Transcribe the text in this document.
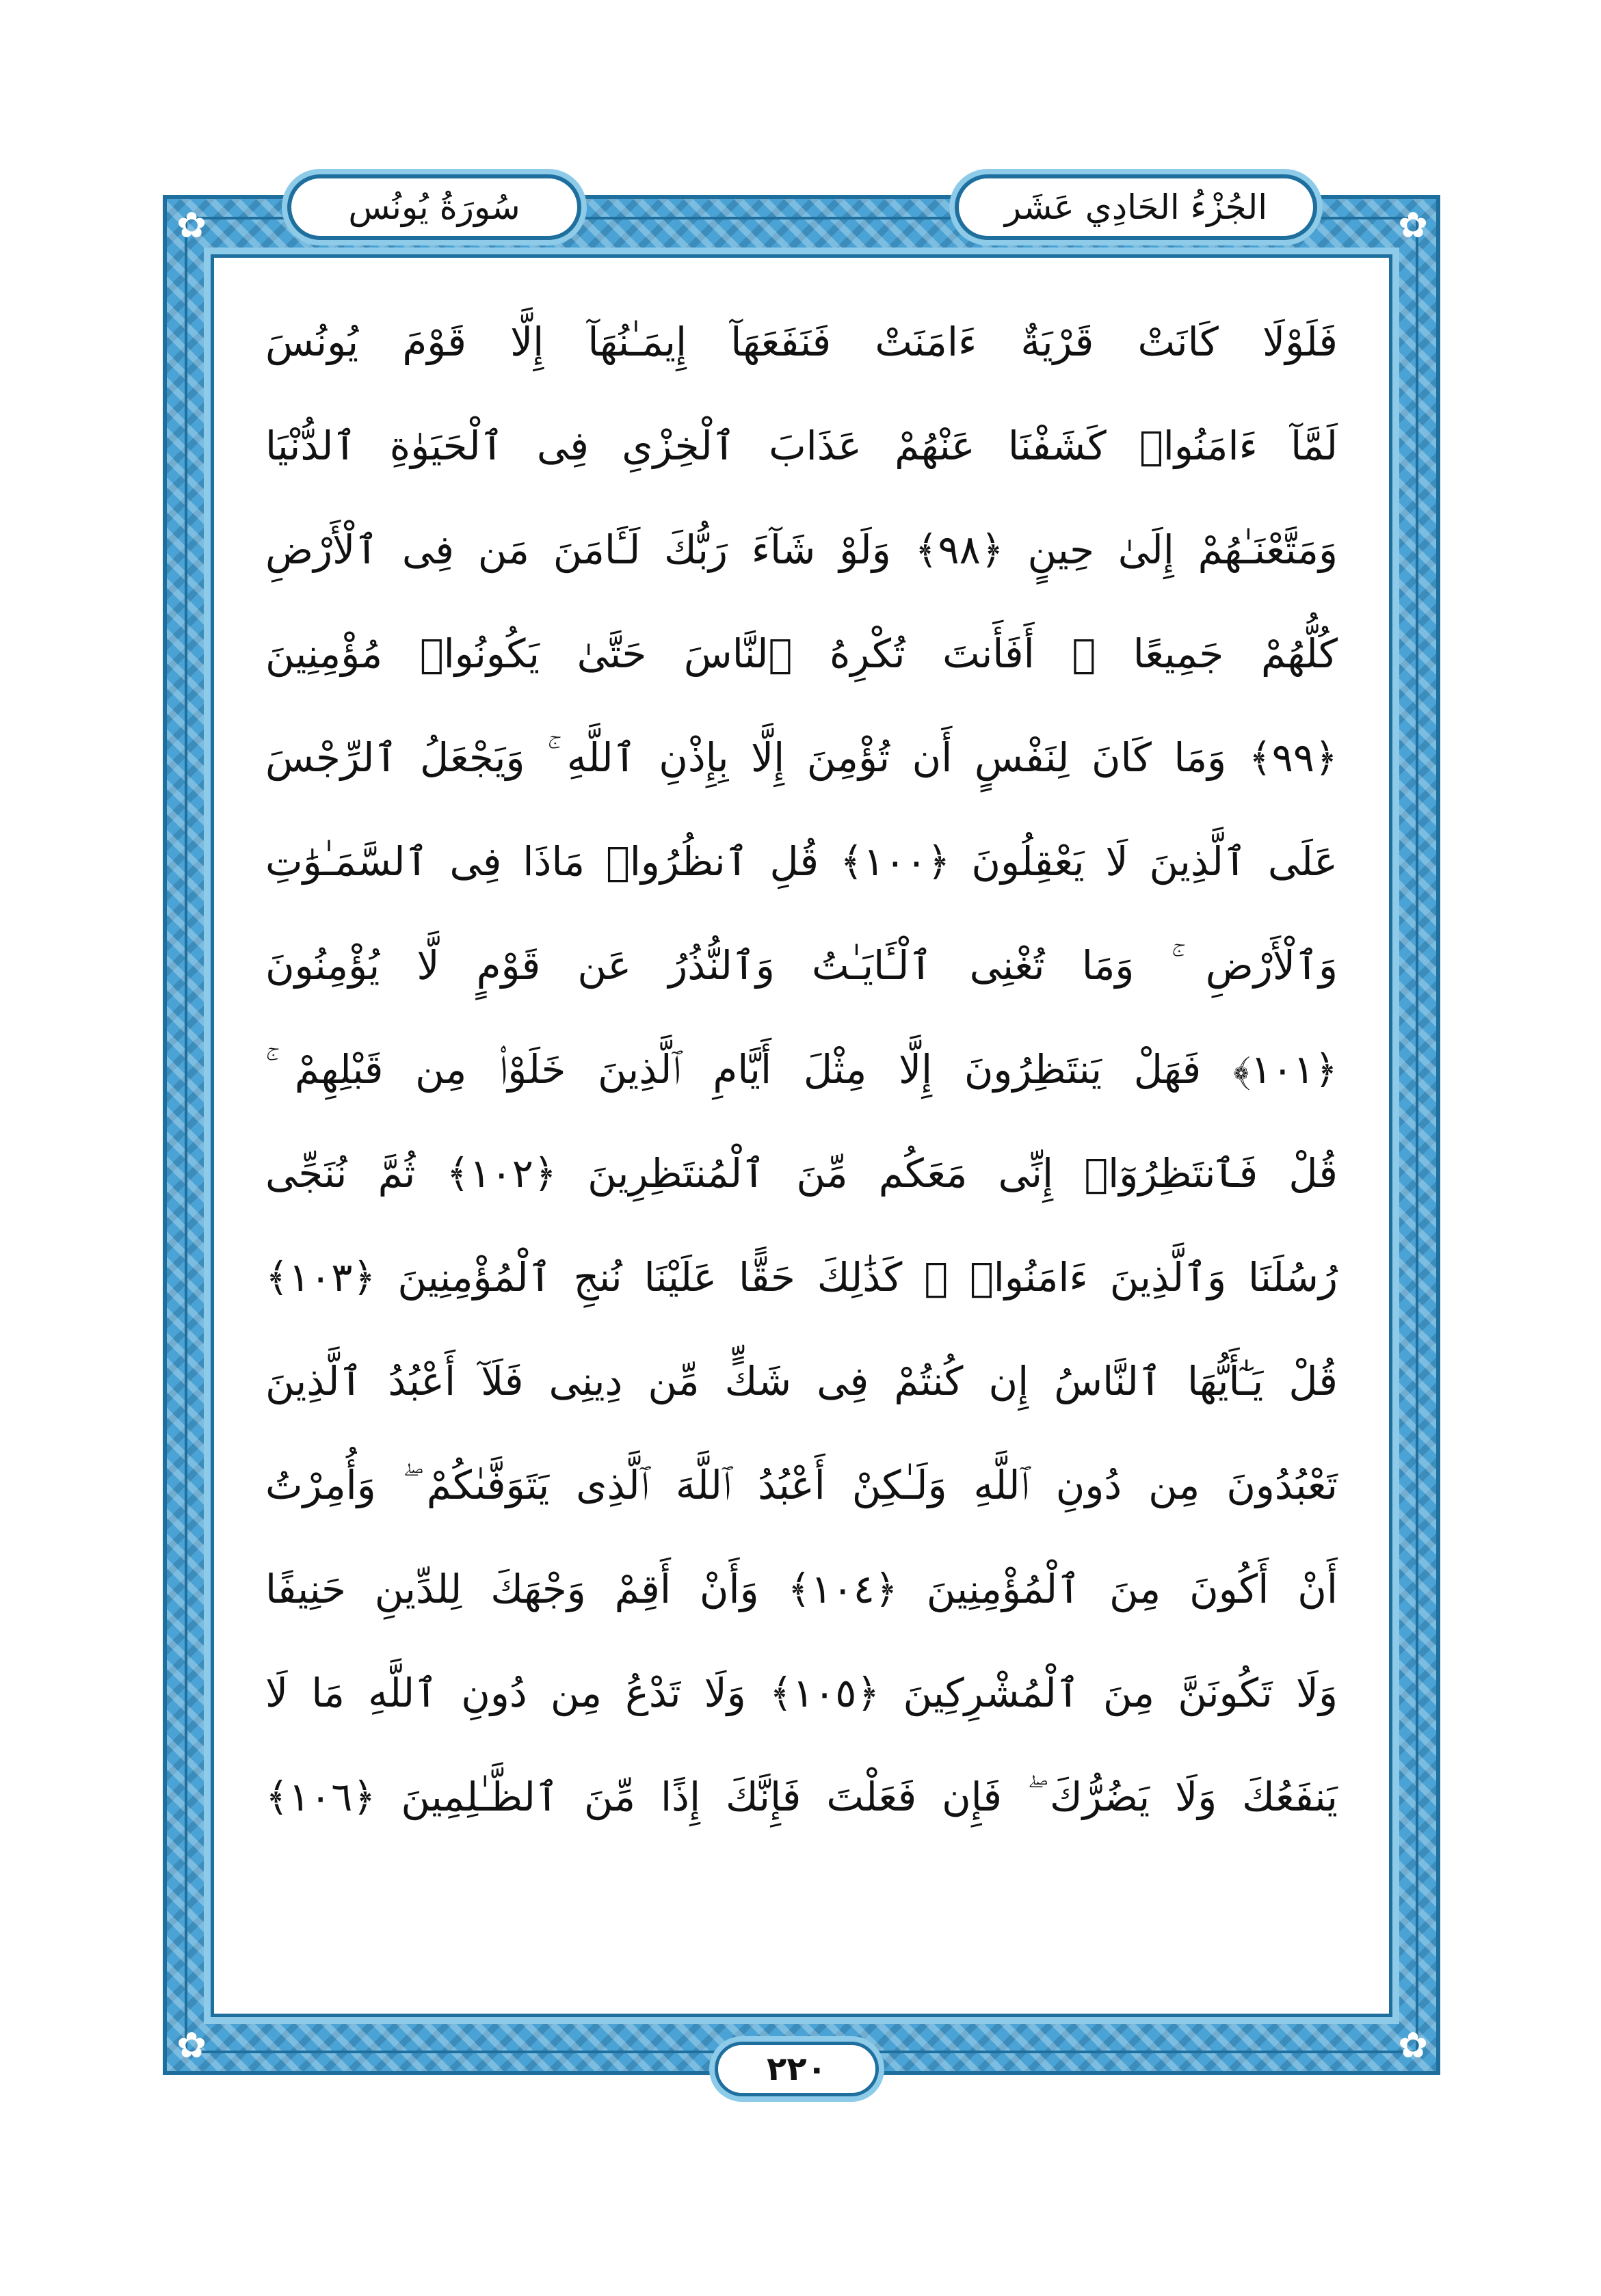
✿	✿
✿	✿
الجُزْءُ الحَادِي عَشَر
سُورَةُ يُونُس
فَلَوْلَا كَانَتْ قَرْيَةٌ ءَامَنَتْ فَنَفَعَهَآ إِيمَـٰنُهَآ إِلَّا قَوْمَ يُونُسَ
لَمَّآ ءَامَنُوا۟ كَشَفْنَا عَنْهُمْ عَذَابَ ٱلْخِزْىِ فِى ٱلْحَيَوٰةِ ٱلدُّنْيَا
وَمَتَّعْنَـٰهُمْ إِلَىٰ حِينٍ ﴿٩٨﴾ وَلَوْ شَآءَ رَبُّكَ لَـَٔامَنَ مَن فِى ٱلْأَرْضِ
كُلُّهُمْ جَمِيعًا ۚ أَفَأَنتَ تُكْرِهُ ٱلنَّاسَ حَتَّىٰ يَكُونُوا۟ مُؤْمِنِينَ
﴿٩٩﴾ وَمَا كَانَ لِنَفْسٍ أَن تُؤْمِنَ إِلَّا بِإِذْنِ ٱللَّهِ ۚ وَيَجْعَلُ ٱلرِّجْسَ
عَلَى ٱلَّذِينَ لَا يَعْقِلُونَ ﴿١٠٠﴾ قُلِ ٱنظُرُوا۟ مَاذَا فِى ٱلسَّمَـٰوَٰتِ
وَٱلْأَرْضِ ۚ وَمَا تُغْنِى ٱلْـَٔايَـٰتُ وَٱلنُّذُرُ عَن قَوْمٍ لَّا يُؤْمِنُونَ
﴿١٠١﴾ فَهَلْ يَنتَظِرُونَ إِلَّا مِثْلَ أَيَّامِ ٱلَّذِينَ خَلَوْا۟ مِن قَبْلِهِمْ ۚ
قُلْ فَٱنتَظِرُوٓا۟ إِنِّى مَعَكُم مِّنَ ٱلْمُنتَظِرِينَ ﴿١٠٢﴾ ثُمَّ نُنَجِّى
رُسُلَنَا وَٱلَّذِينَ ءَامَنُوا۟ ۚ كَذَٰلِكَ حَقًّا عَلَيْنَا نُنجِ ٱلْمُؤْمِنِينَ ﴿١٠٣﴾
قُلْ يَـٰٓأَيُّهَا ٱلنَّاسُ إِن كُنتُمْ فِى شَكٍّ مِّن دِينِى فَلَآ أَعْبُدُ ٱلَّذِينَ
تَعْبُدُونَ مِن دُونِ ٱللَّهِ وَلَـٰكِنْ أَعْبُدُ ٱللَّهَ ٱلَّذِى يَتَوَفَّىٰكُمْ ۖ وَأُمِرْتُ
أَنْ أَكُونَ مِنَ ٱلْمُؤْمِنِينَ ﴿١٠٤﴾ وَأَنْ أَقِمْ وَجْهَكَ لِلدِّينِ حَنِيفًا
وَلَا تَكُونَنَّ مِنَ ٱلْمُشْرِكِينَ ﴿١٠٥﴾ وَلَا تَدْعُ مِن دُونِ ٱللَّهِ مَا لَا
يَنفَعُكَ وَلَا يَضُرُّكَ ۖ فَإِن فَعَلْتَ فَإِنَّكَ إِذًا مِّنَ ٱلظَّـٰلِمِينَ ﴿١٠٦﴾
٢٢٠
